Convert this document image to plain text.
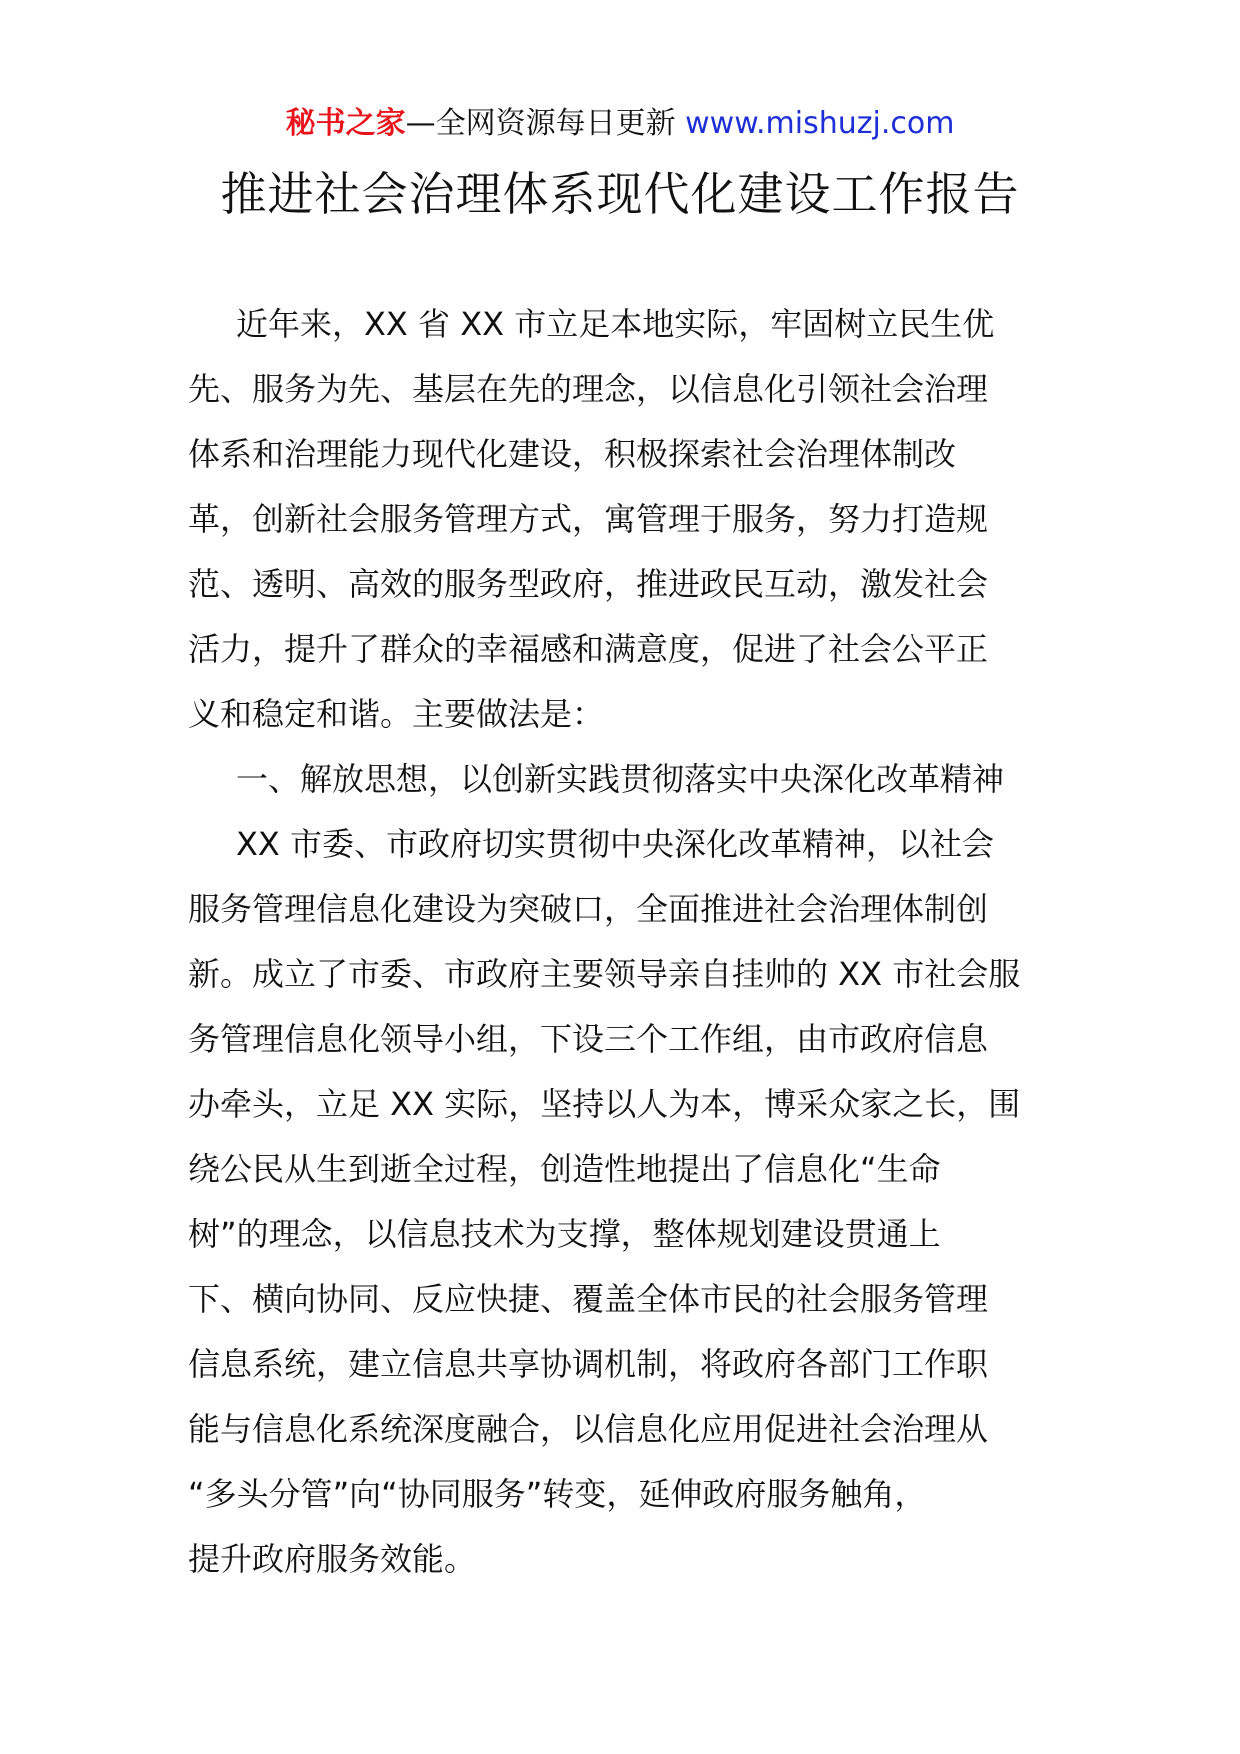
秘书之家—全网资源每日更新 www.mishuzj.com
推进社会治理体系现代化建设工作报告
近年来，XX 省 XX 市立足本地实际，牢固树立民生优
先、服务为先、基层在先的理念，以信息化引领社会治理
体系和治理能力现代化建设，积极探索社会治理体制改
革，创新社会服务管理方式，寓管理于服务，努力打造规
范、透明、高效的服务型政府，推进政民互动，激发社会
活力，提升了群众的幸福感和满意度，促进了社会公平正
义和稳定和谐。主要做法是：
一、解放思想，以创新实践贯彻落实中央深化改革精神
XX 市委、市政府切实贯彻中央深化改革精神，以社会
服务管理信息化建设为突破口，全面推进社会治理体制创
新。成立了市委、市政府主要领导亲自挂帅的 XX 市社会服
务管理信息化领导小组，下设三个工作组，由市政府信息
办牵头，立足 XX 实际，坚持以人为本，博采众家之长，围
绕公民从生到逝全过程，创造性地提出了信息化“生命
树”的理念，以信息技术为支撑，整体规划建设贯通上
下、横向协同、反应快捷、覆盖全体市民的社会服务管理
信息系统，建立信息共享协调机制，将政府各部门工作职
能与信息化系统深度融合，以信息化应用促进社会治理从
“多头分管”向“协同服务”转变，延伸政府服务触角，
提升政府服务效能。
